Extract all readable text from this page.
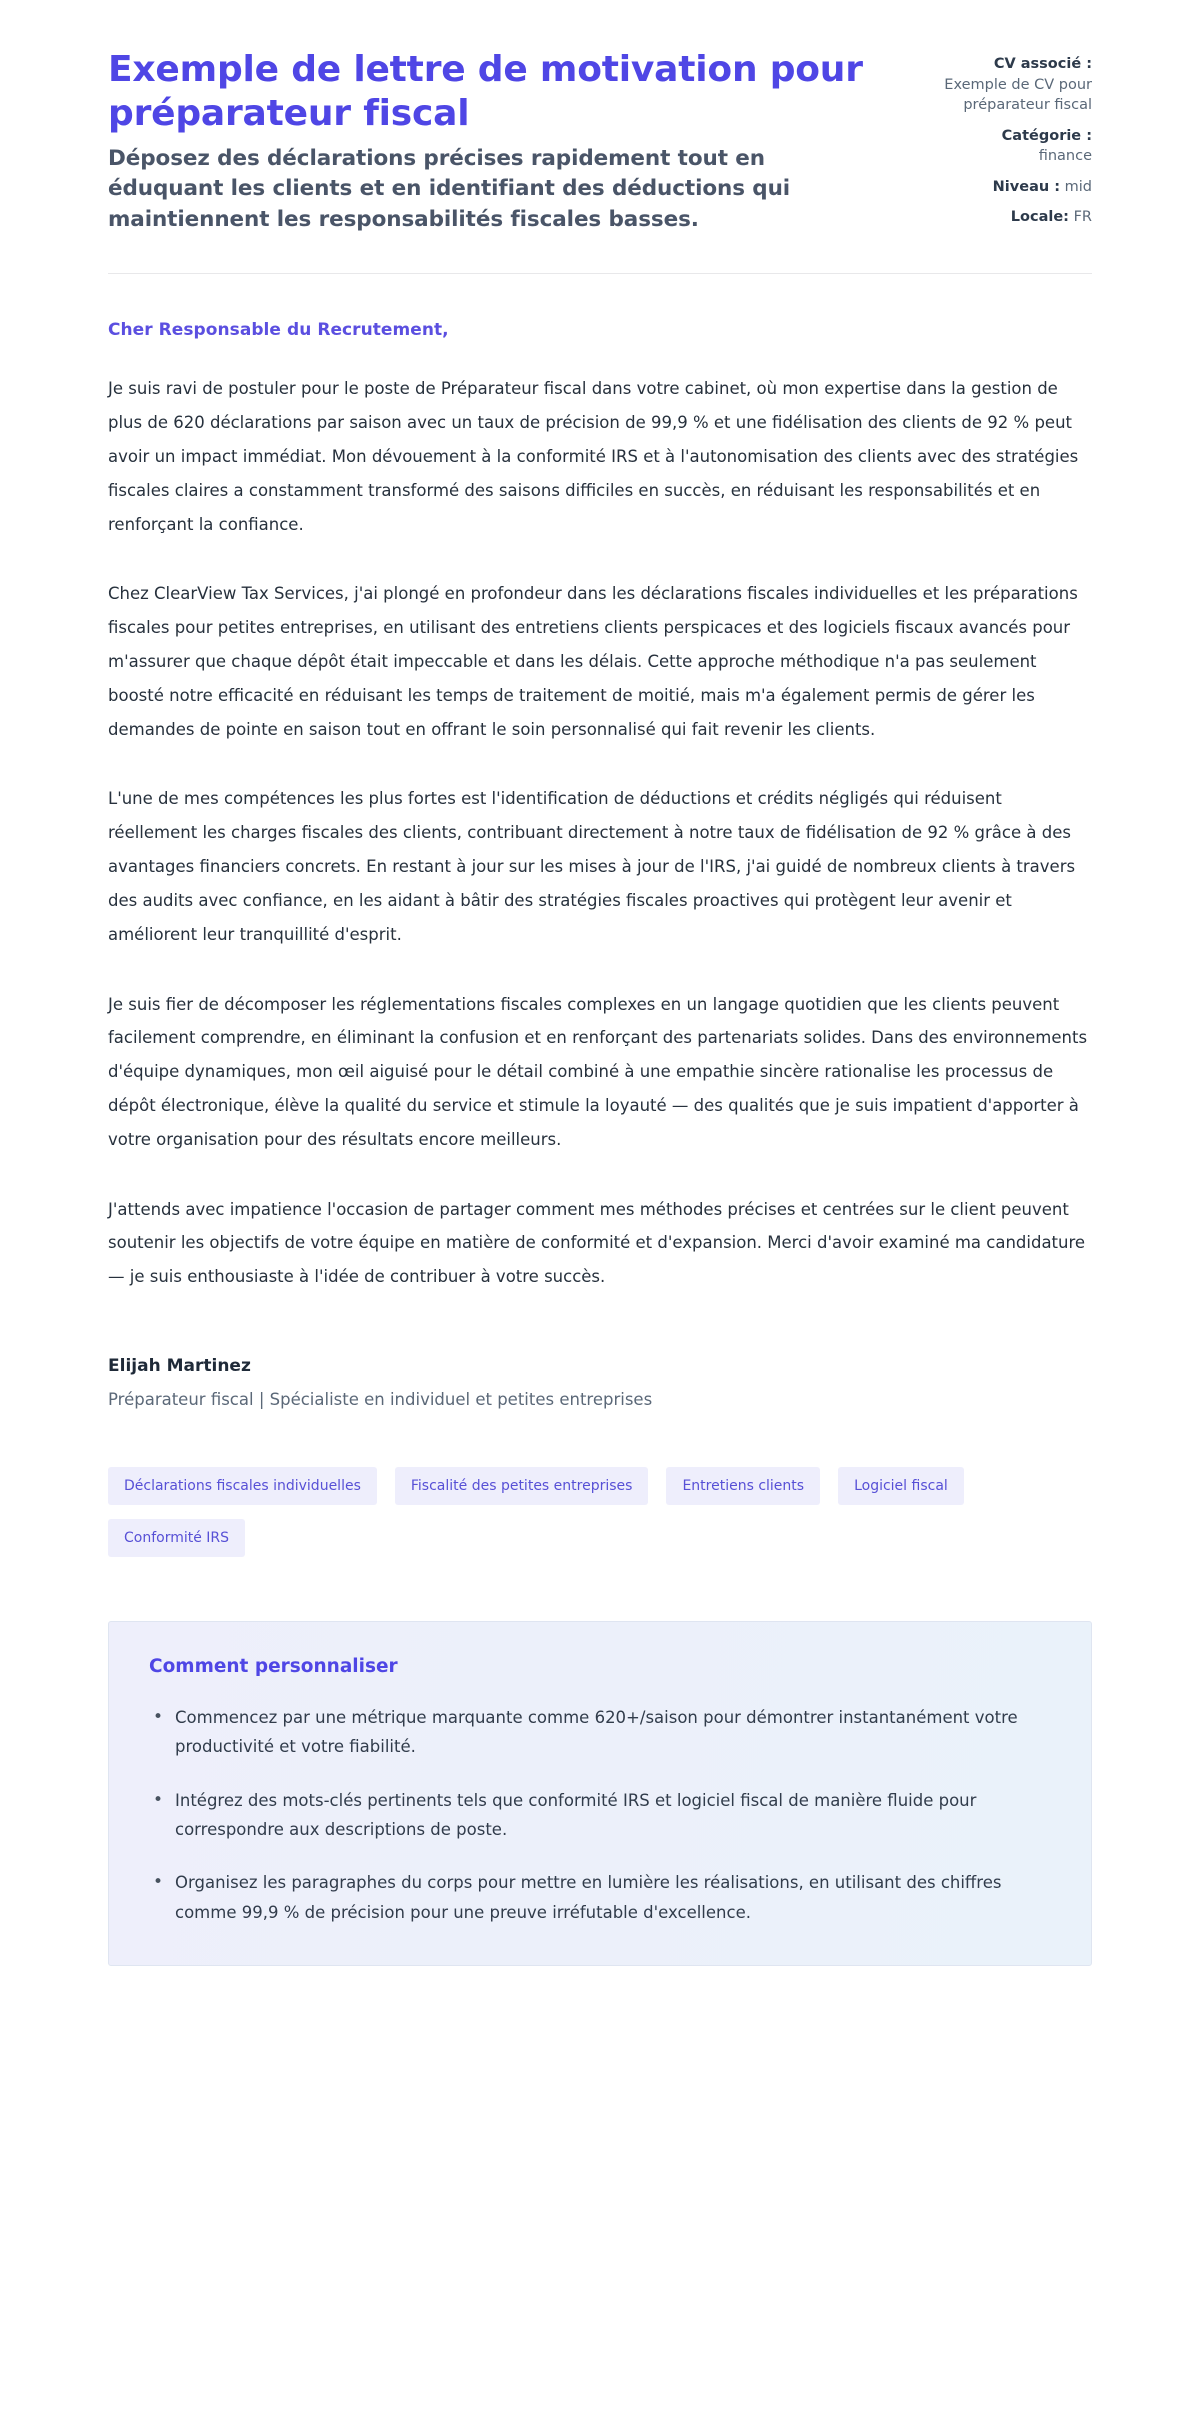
Exemple de lettre de motivation pour préparateur fiscal

Déposez des déclarations précises rapidement tout en éduquant les clients et en identifiant des déductions qui maintiennent les responsabilités fiscales basses.

CV associé :
Exemple de CV pour préparateur fiscal
Catégorie :
finance
Niveau : mid
Locale: FR

Cher Responsable du Recrutement,

Je suis ravi de postuler pour le poste de Préparateur fiscal dans votre cabinet, où mon expertise dans la gestion de plus de 620 déclarations par saison avec un taux de précision de 99,9 % et une fidélisation des clients de 92 % peut avoir un impact immédiat. Mon dévouement à la conformité IRS et à l'autonomisation des clients avec des stratégies fiscales claires a constamment transformé des saisons difficiles en succès, en réduisant les responsabilités et en renforçant la confiance.

Chez ClearView Tax Services, j'ai plongé en profondeur dans les déclarations fiscales individuelles et les préparations fiscales pour petites entreprises, en utilisant des entretiens clients perspicaces et des logiciels fiscaux avancés pour m'assurer que chaque dépôt était impeccable et dans les délais. Cette approche méthodique n'a pas seulement boosté notre efficacité en réduisant les temps de traitement de moitié, mais m'a également permis de gérer les demandes de pointe en saison tout en offrant le soin personnalisé qui fait revenir les clients.

L'une de mes compétences les plus fortes est l'identification de déductions et crédits négligés qui réduisent réellement les charges fiscales des clients, contribuant directement à notre taux de fidélisation de 92 % grâce à des avantages financiers concrets. En restant à jour sur les mises à jour de l'IRS, j'ai guidé de nombreux clients à travers des audits avec confiance, en les aidant à bâtir des stratégies fiscales proactives qui protègent leur avenir et améliorent leur tranquillité d'esprit.

Je suis fier de décomposer les réglementations fiscales complexes en un langage quotidien que les clients peuvent facilement comprendre, en éliminant la confusion et en renforçant des partenariats solides. Dans des environnements d'équipe dynamiques, mon œil aiguisé pour le détail combiné à une empathie sincère rationalise les processus de dépôt électronique, élève la qualité du service et stimule la loyauté — des qualités que je suis impatient d'apporter à votre organisation pour des résultats encore meilleurs.

J'attends avec impatience l'occasion de partager comment mes méthodes précises et centrées sur le client peuvent soutenir les objectifs de votre équipe en matière de conformité et d'expansion. Merci d'avoir examiné ma candidature — je suis enthousiaste à l'idée de contribuer à votre succès.

Elijah Martinez

Préparateur fiscal | Spécialiste en individuel et petites entreprises

Déclarations fiscales individuelles	Fiscalité des petites entreprises	Entretiens clients	Logiciel fiscal
Conformité IRS
Comment personnaliser
• Commencez par une métrique marquante comme 620+/saison pour démontrer instantanément votre productivité et votre fiabilité.
• Intégrez des mots-clés pertinents tels que conformité IRS et logiciel fiscal de manière fluide pour correspondre aux descriptions de poste.
• Organisez les paragraphes du corps pour mettre en lumière les réalisations, en utilisant des chiffres comme 99,9 % de précision pour une preuve irréfutable d'excellence.
